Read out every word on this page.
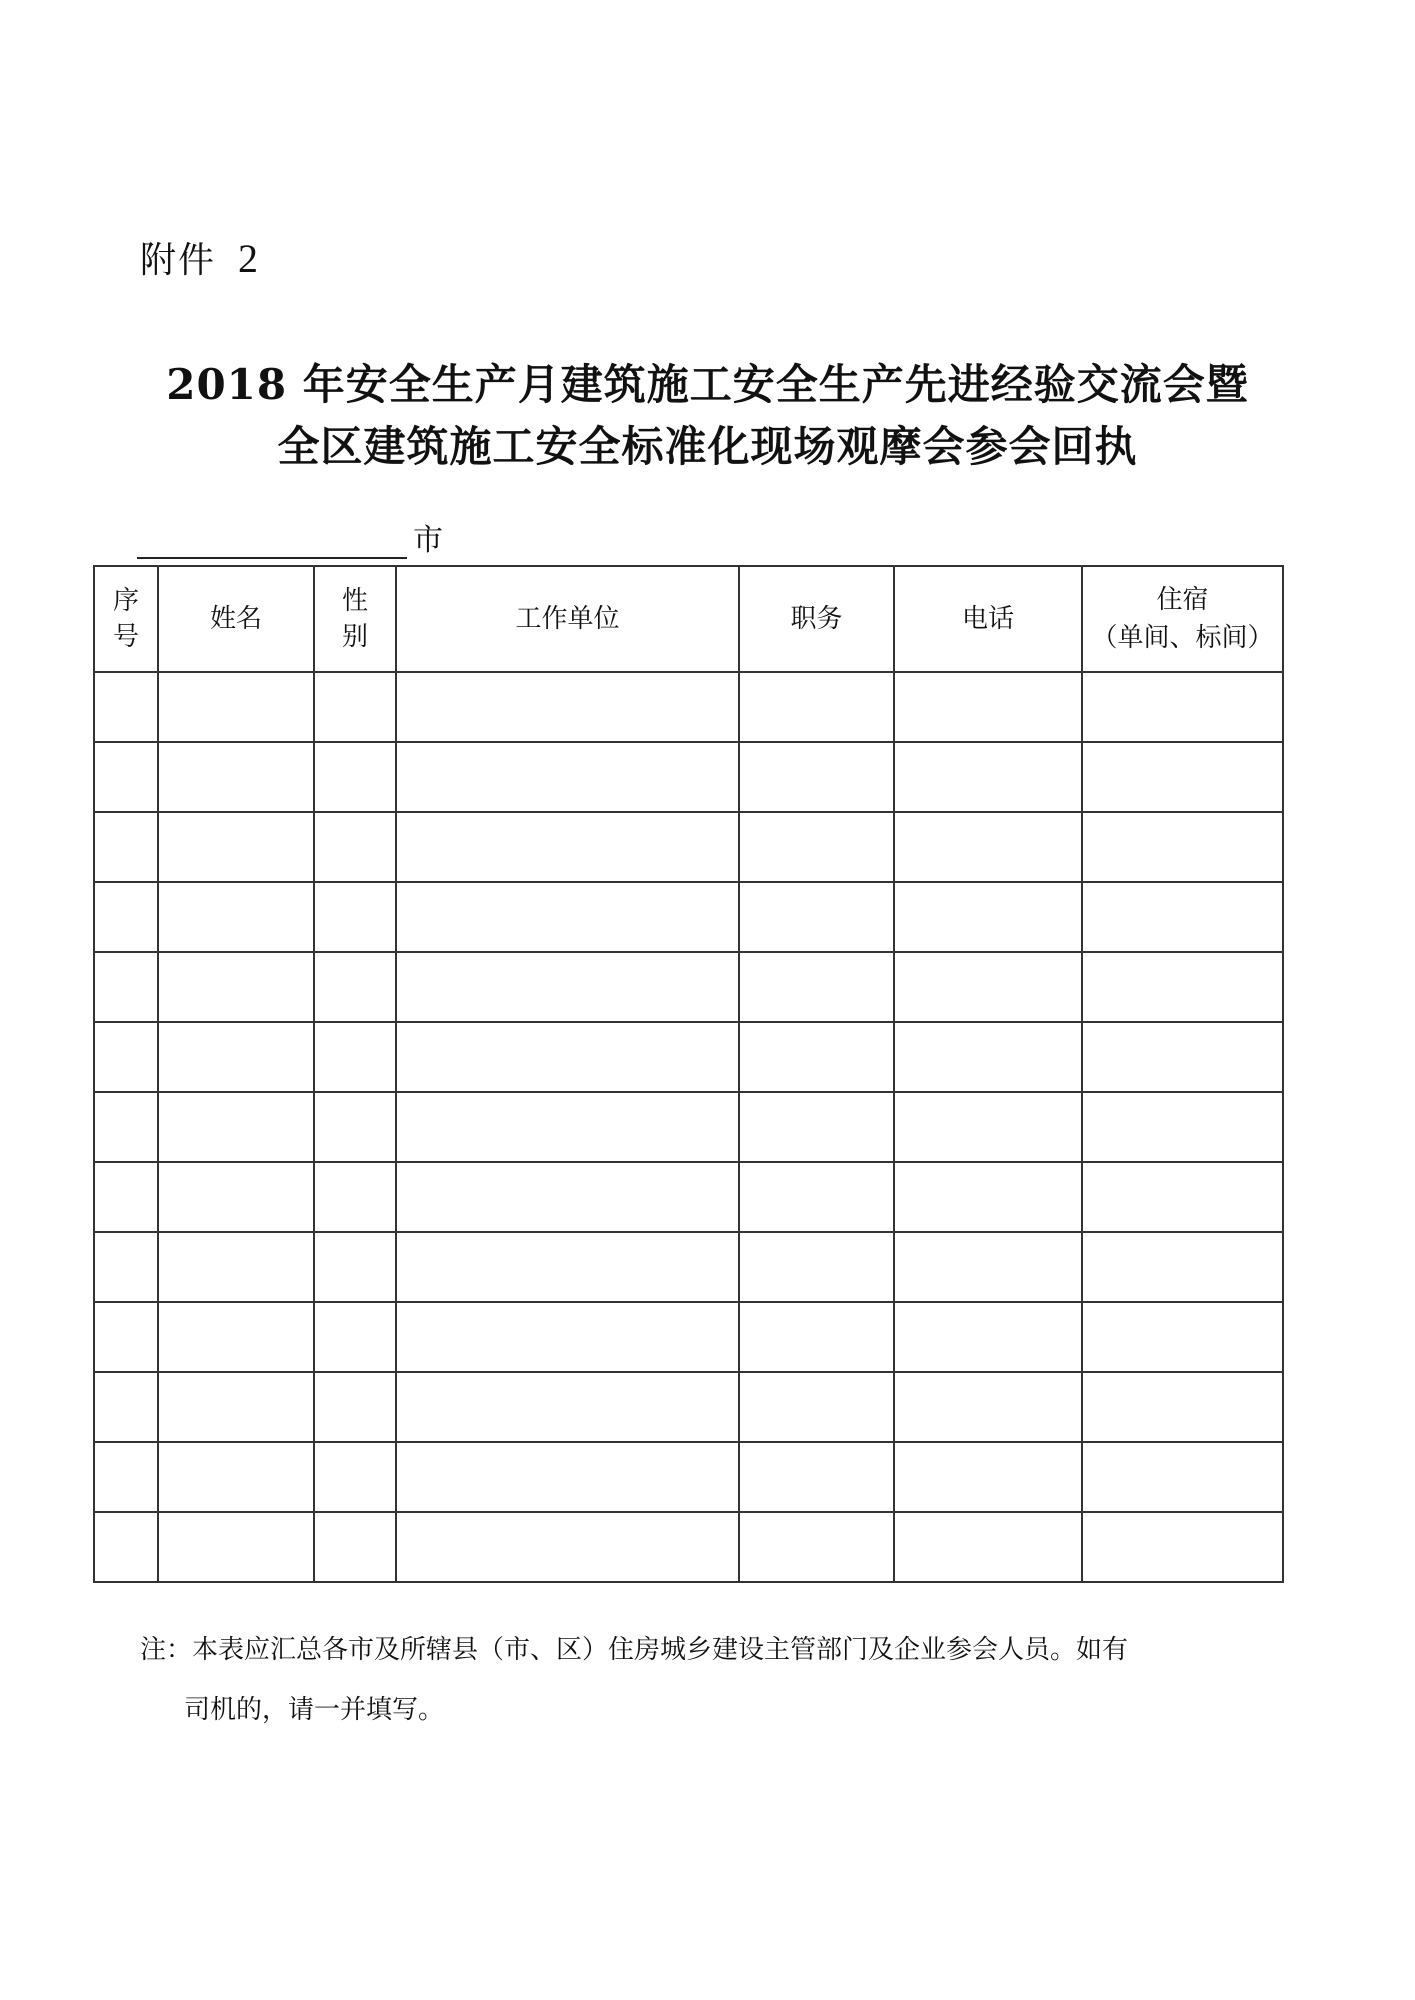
附件 2
2018 年安全生产月建筑施工安全生产先进经验交流会暨
全区建筑施工安全标准化现场观摩会参会回执
市
序号	姓名	性别	工作单位	职务	电话	住宿
（单间、标间）

注：本表应汇总各市及所辖县（市、区）住房城乡建设主管部门及企业参会人员。如有
司机的，请一并填写。
